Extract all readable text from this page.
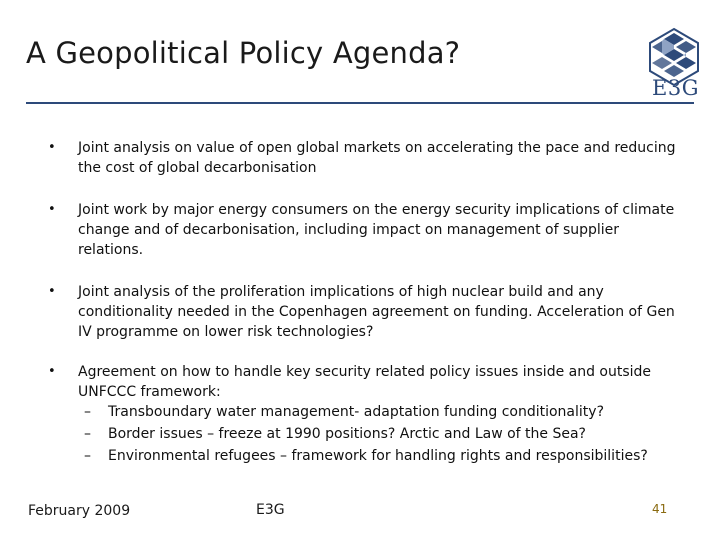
A Geopolitical Policy Agenda?
E3G
• Joint analysis on value of open global markets on accelerating the pace and reducing the cost of global decarbonisation
• Joint work by major energy consumers on the energy security implications of climate change and of decarbonisation, including impact on management of supplier relations.
• Joint analysis of the proliferation implications of high nuclear build and any conditionality needed in the Copenhagen agreement on funding. Acceleration of Gen IV programme on lower risk technologies?
• Agreement on how to handle key security related policy issues inside and outside UNFCCC framework:
– Transboundary water management- adaptation funding conditionality?
– Border issues – freeze at 1990 positions? Arctic and Law of the Sea?
– Environmental refugees – framework for handling rights and responsibilities?
February 2009	E3G	41
